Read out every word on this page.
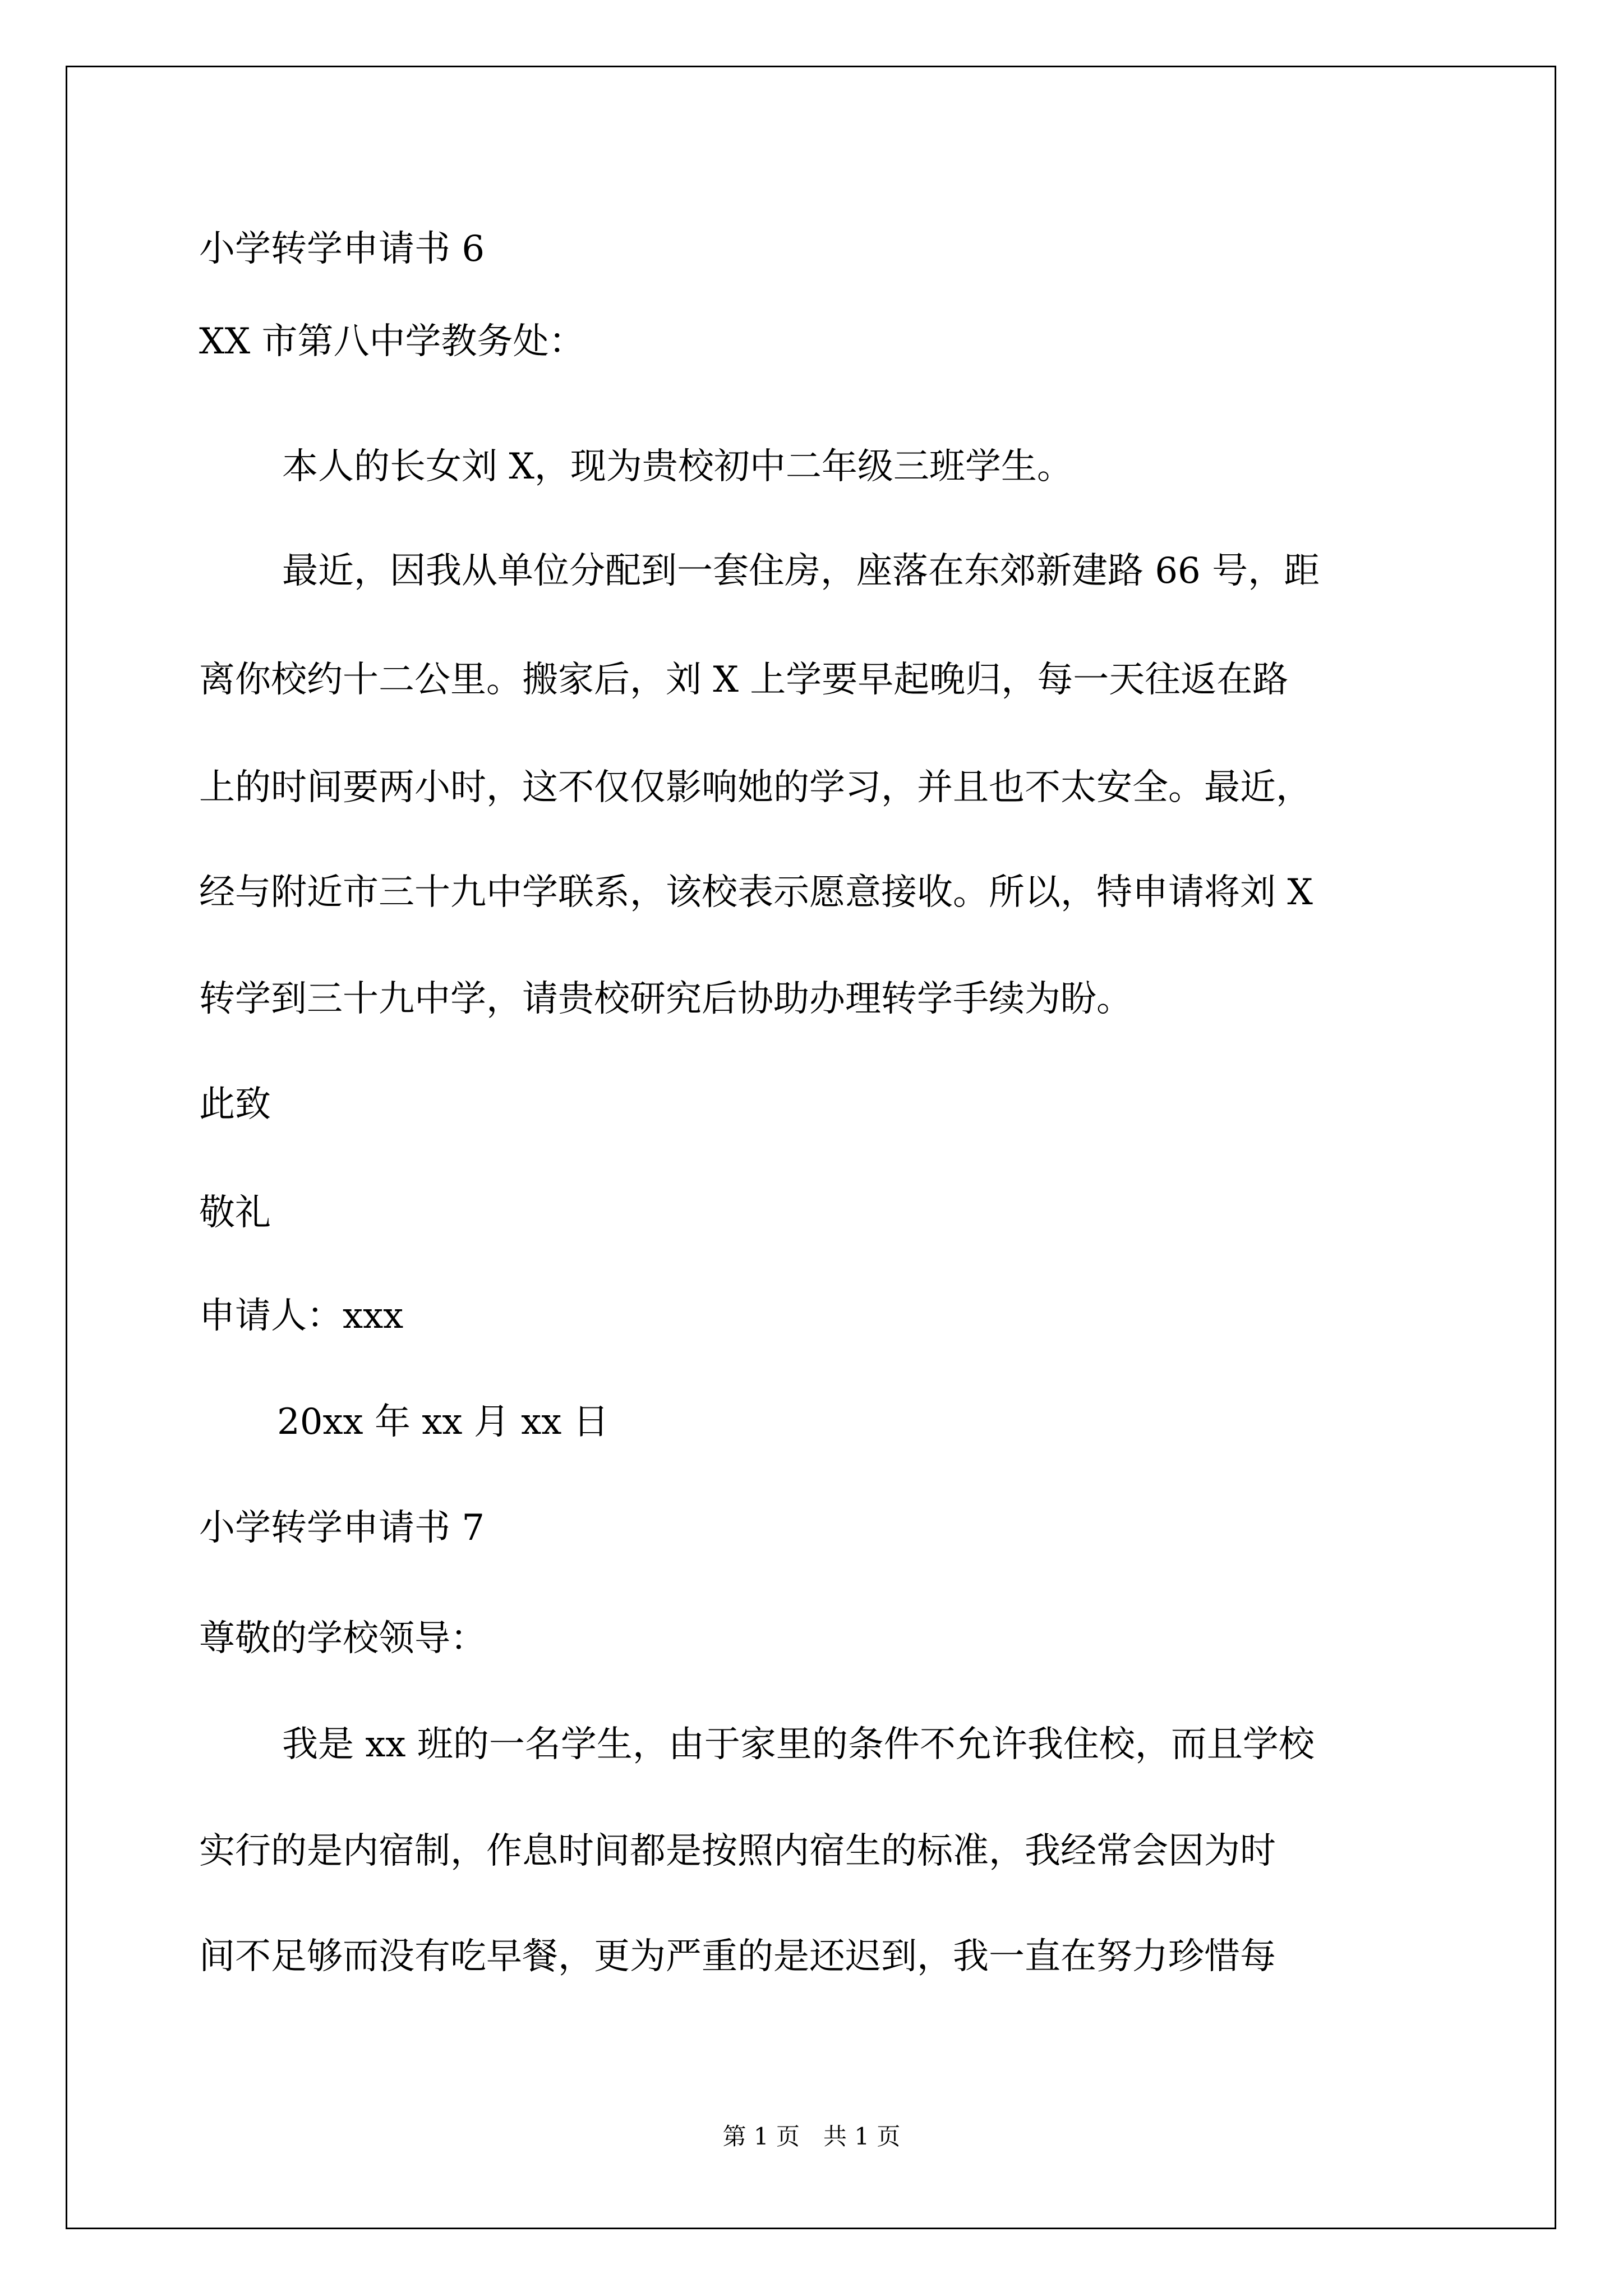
小学转学申请书 6
XX 市第八中学教务处：
本人的长女刘 X，现为贵校初中二年级三班学生。
最近，因我从单位分配到一套住房，座落在东郊新建路 66 号，距
离你校约十二公里。搬家后，刘 X 上学要早起晚归，每一天往返在路
上的时间要两小时，这不仅仅影响她的学习，并且也不太安全。最近，
经与附近市三十九中学联系，该校表示愿意接收。所以，特申请将刘 X
转学到三十九中学，请贵校研究后协助办理转学手续为盼。
此致
敬礼
申请人：xxx
20xx 年 xx 月 xx 日
小学转学申请书 7
尊敬的学校领导：
我是 xx 班的一名学生，由于家里的条件不允许我住校，而且学校
实行的是内宿制，作息时间都是按照内宿生的标准，我经常会因为时
间不足够而没有吃早餐，更为严重的是还迟到，我一直在努力珍惜每
第 1 页　共 1 页
